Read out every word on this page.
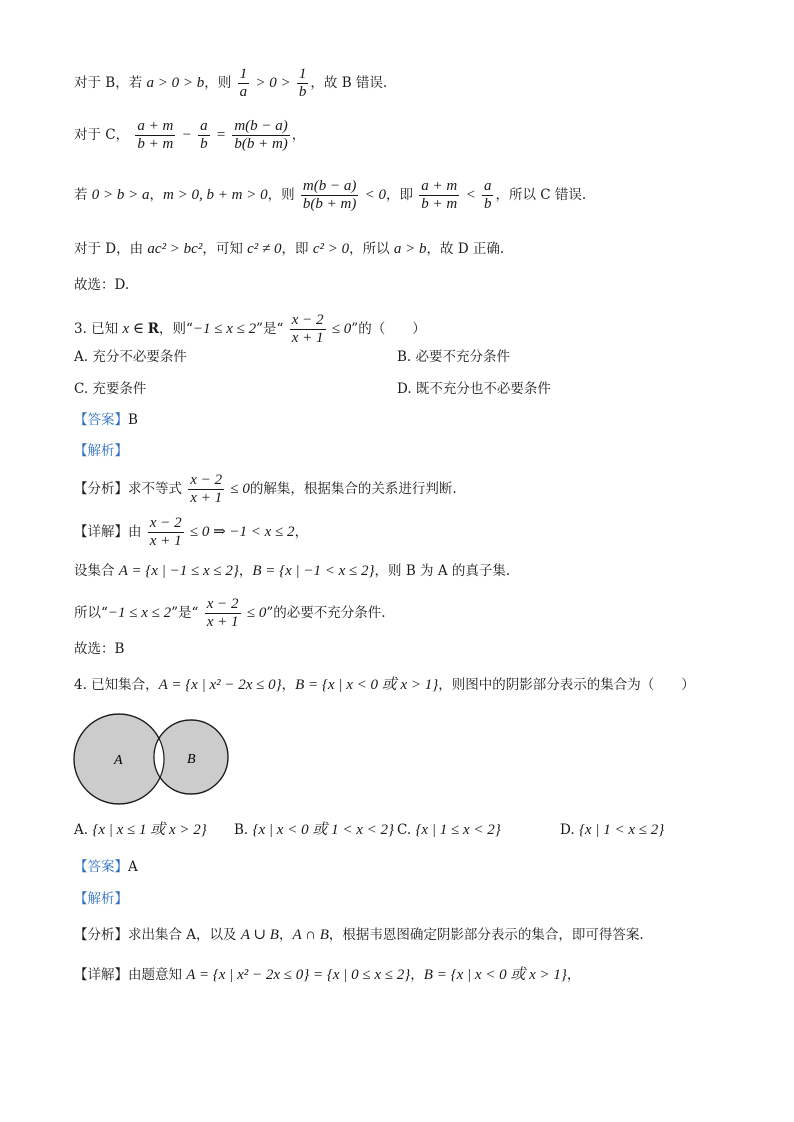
对于 B，若 a > 0 > b，则 $\frac{1}{a} > 0 > \frac{1}{b}$ ，故 B 错误.
对于 C， $\frac{a + m}{b + m} - \frac{a}{b} = \frac{m(b - a)}{b(b + m)}$ ，
若 0 > b > a，m > 0, b + m > 0，则 $\frac{m(b - a)}{b(b + m)} < 0$，即 $\frac{a + m}{b + m} < \frac{a}{b}$ ，所以 C 错误.
对于 D，由 ac² > bc²，可知 c² ≠ 0，即 c² > 0，所以 a > b，故 D 正确.
故选：D.
3. 已知 x ∈ R，则“−1 ≤ x ≤ 2”是“ $\frac{x - 2}{x + 1} \le 0$”的（　　）
A. 充分不必要条件	B. 必要不充分条件
C. 充要条件	D. 既不充分也不必要条件
【答案】B
【解析】
【分析】求不等式 $\frac{x - 2}{x + 1} \le 0$的解集，根据集合的关系进行判断.
【详解】由 $\frac{x - 2}{x + 1} \le 0$ ⇒ −1 < x ≤ 2，
设集合 A = {x | −1 ≤ x ≤ 2}，B = {x | −1 < x ≤ 2}，则 B 为 A 的真子集.
所以“−1 ≤ x ≤ 2”是“ $\frac{x - 2}{x + 1} \le 0$”的必要不充分条件.
故选：B
4. 已知集合，A = {x | x² − 2x ≤ 0}，B = {x | x < 0 或 x > 1}，则图中的阴影部分表示的集合为（　　）
A	B
A. {x | x ≤ 1 或 x > 2} B. {x | x < 0 或 1 < x < 2} C. {x | 1 ≤ x < 2}	D. {x | 1 < x ≤ 2}
【答案】A
【解析】
【分析】求出集合 A，以及 A ∪ B，A ∩ B，根据韦恩图确定阴影部分表示的集合，即可得答案.
【详解】由题意知 A = {x | x² − 2x ≤ 0} = {x | 0 ≤ x ≤ 2}，B = {x | x < 0 或 x > 1}，
